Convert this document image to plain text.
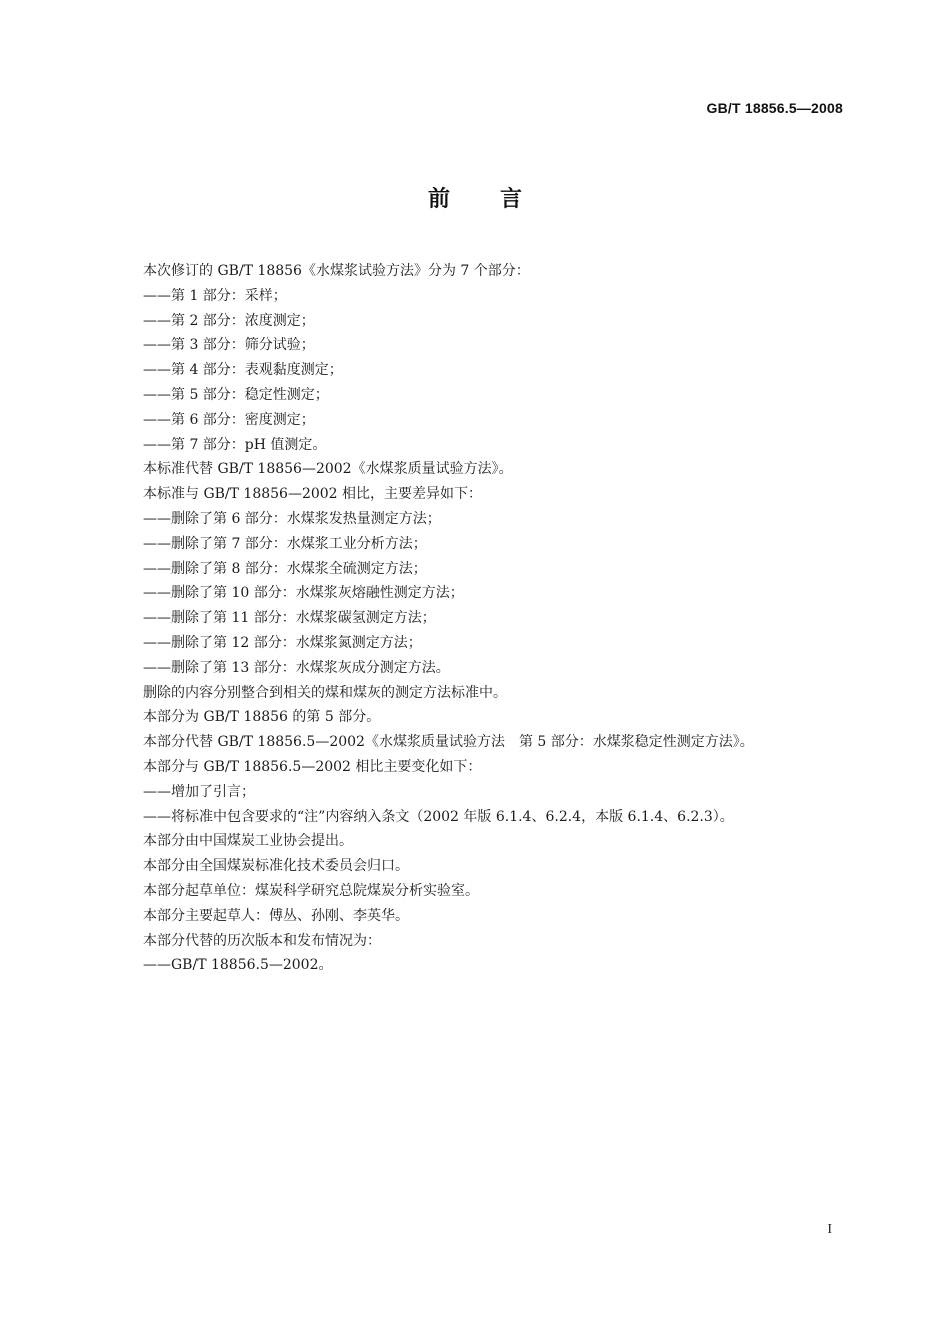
GB/T 18856.5—2008
前言
本次修订的 GB/T 18856《水煤浆试验方法》分为 7 个部分：
——第 1 部分：采样；
——第 2 部分：浓度测定；
——第 3 部分：筛分试验；
——第 4 部分：表观黏度测定；
——第 5 部分：稳定性测定；
——第 6 部分：密度测定；
——第 7 部分：pH 值测定。
本标准代替 GB/T 18856—2002《水煤浆质量试验方法》。
本标准与 GB/T 18856—2002 相比，主要差异如下：
——删除了第 6 部分：水煤浆发热量测定方法；
——删除了第 7 部分：水煤浆工业分析方法；
——删除了第 8 部分：水煤浆全硫测定方法；
——删除了第 10 部分：水煤浆灰熔融性测定方法；
——删除了第 11 部分：水煤浆碳氢测定方法；
——删除了第 12 部分：水煤浆氮测定方法；
——删除了第 13 部分：水煤浆灰成分测定方法。
删除的内容分别整合到相关的煤和煤灰的测定方法标准中。
本部分为 GB/T 18856 的第 5 部分。
本部分代替 GB/T 18856.5—2002《水煤浆质量试验方法　第 5 部分：水煤浆稳定性测定方法》。
本部分与 GB/T 18856.5—2002 相比主要变化如下：
——增加了引言；
——将标准中包含要求的“注”内容纳入条文（2002 年版 6.1.4、6.2.4，本版 6.1.4、6.2.3）。
本部分由中国煤炭工业协会提出。
本部分由全国煤炭标准化技术委员会归口。
本部分起草单位：煤炭科学研究总院煤炭分析实验室。
本部分主要起草人：傅丛、孙刚、李英华。
本部分代替的历次版本和发布情况为：
——GB/T 18856.5—2002。
I
